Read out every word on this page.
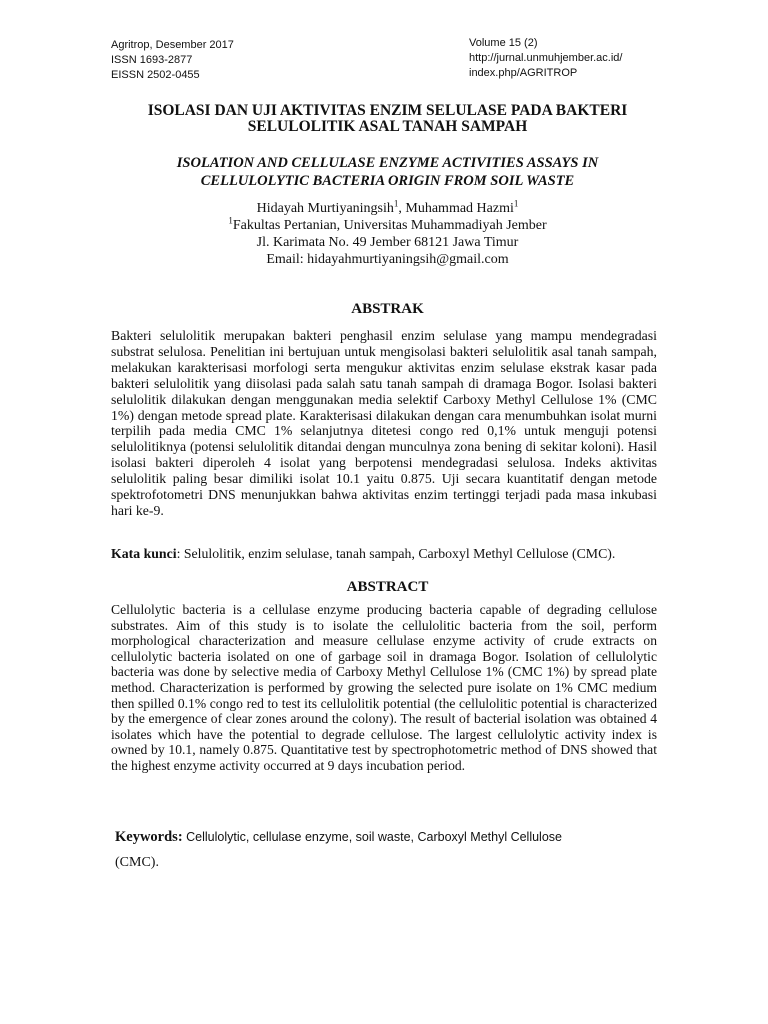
Agritrop, Desember 2017
ISSN 1693-2877
EISSN 2502-0455
Volume 15 (2)
http://jurnal.unmuhjember.ac.id/
index.php/AGRITROP
ISOLASI DAN UJI AKTIVITAS ENZIM SELULASE PADA BAKTERI
SELULOLITIK ASAL TANAH SAMPAH
ISOLATION AND CELLULASE ENZYME ACTIVITIES ASSAYS IN
CELLULOLYTIC BACTERIA ORIGIN FROM SOIL WASTE
Hidayah Murtiyaningsih$^1$, Muhammad Hazmi$^1$
$^1$Fakultas Pertanian, Universitas Muhammadiyah Jember
Jl. Karimata No. 49 Jember 68121 Jawa Timur
Email: hidayahmurtiyaningsih@gmail.com
ABSTRAK

Bakteri selulolitik merupakan bakteri penghasil enzim selulase yang mampu mendegradasi substrat selulosa. Penelitian ini bertujuan untuk mengisolasi bakteri selulolitik asal tanah sampah, melakukan karakterisasi morfologi serta mengukur aktivitas enzim selulase ekstrak kasar pada bakteri selulolitik yang diisolasi pada salah satu tanah sampah di dramaga Bogor. Isolasi bakteri selulolitik dilakukan dengan menggunakan media selektif Carboxy Methyl Cellulose 1% (CMC 1%) dengan metode spread plate. Karakterisasi dilakukan dengan cara menumbuhkan isolat murni terpilih pada media CMC 1% selanjutnya ditetesi congo red 0,1% untuk menguji potensi selulolitiknya (potensi selulolitik ditandai dengan munculnya zona bening di sekitar koloni). Hasil isolasi bakteri diperoleh 4 isolat yang berpotensi mendegradasi selulosa. Indeks aktivitas selulolitik paling besar dimiliki isolat 10.1 yaitu 0.875. Uji secara kuantitatif dengan metode spektrofotometri DNS menunjukkan bahwa aktivitas enzim tertinggi terjadi pada masa inkubasi hari ke-9.

Kata kunci: Selulolitik, enzim selulase, tanah sampah, Carboxyl Methyl Cellulose (CMC).

ABSTRACT

Cellulolytic bacteria is a cellulase enzyme producing bacteria capable of degrading cellulose substrates. Aim of this study is to isolate the cellulolitic bacteria from the soil, perform morphological characterization and measure cellulase enzyme activity of crude extracts on cellulolytic bacteria isolated on one of garbage soil in dramaga Bogor. Isolation of cellulolytic bacteria was done by selective media of Carboxy Methyl Cellulose 1% (CMC 1%) by spread plate method. Characterization is performed by growing the selected pure isolate on 1% CMC medium then spilled 0.1% congo red to test its cellulolitik potential (the cellulolitic potential is characterized by the emergence of clear zones around the colony). The result of bacterial isolation was obtained 4 isolates which have the potential to degrade cellulose. The largest cellulolytic activity index is owned by 10.1, namely 0.875. Quantitative test by spectrophotometric method of DNS showed that the highest enzyme activity occurred at 9 days incubation period.

Keywords: Cellulolytic, cellulase enzyme, soil waste, Carboxyl Methyl Cellulose
(CMC).
